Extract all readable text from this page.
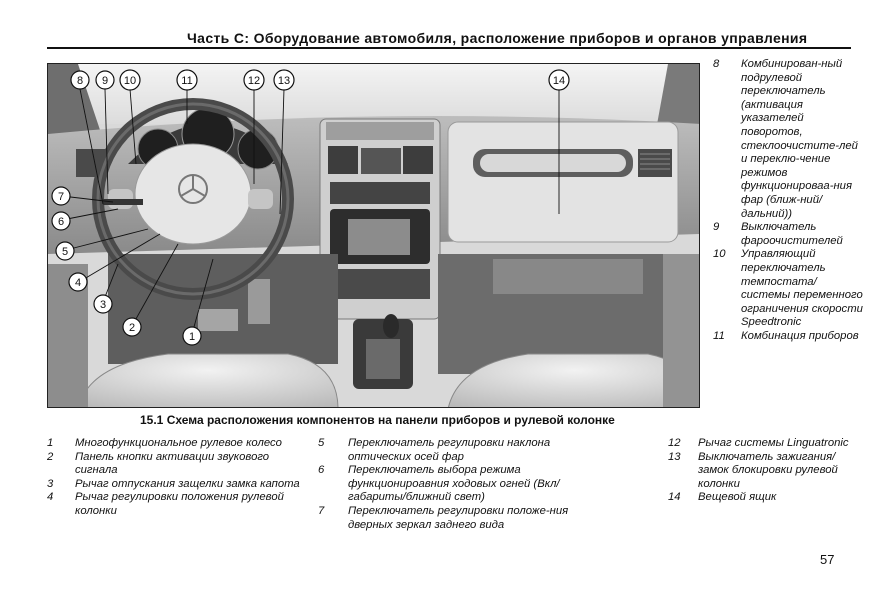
Часть С: Оборудование автомобиля, расположение приборов и органов управления
1
2
3
4
5
6
7
8 9 10	11	12 13	14
15.1 Схема расположения компонентов на панели приборов и рулевой колонке
8	Комбинирован-ный подрулевой переключатель (активация указателей поворотов, стеклоочистите-лей и переклю-чение режимов функционироваа-ния фар (ближ-ний/дальний))
9	Выключатель фароочистителей
10	Управляющий переключатель темпостата/ системы переменного ограничения скорости Speedtronic
11	Комбинация приборов
1	Многофункциональное рулевое колесо
2	Панель кнопки активации звукового сигнала
3	Рычаг отпускания защелки замка капота
4	Рычаг регулировки положения рулевой колонки
5	Переключатель регулировки наклона оптических осей фар
6	Переключатель выбора режима функционироавния ходовых огней (Вкл/габариты/ближний свет)
7	Переключатель регулировки положе-ния дверных зеркал заднего вида
12	Рычаг системы Linguatronic
13	Выключатель зажигания/ замок блокировки рулевой колонки
14	Вещевой ящик
57
